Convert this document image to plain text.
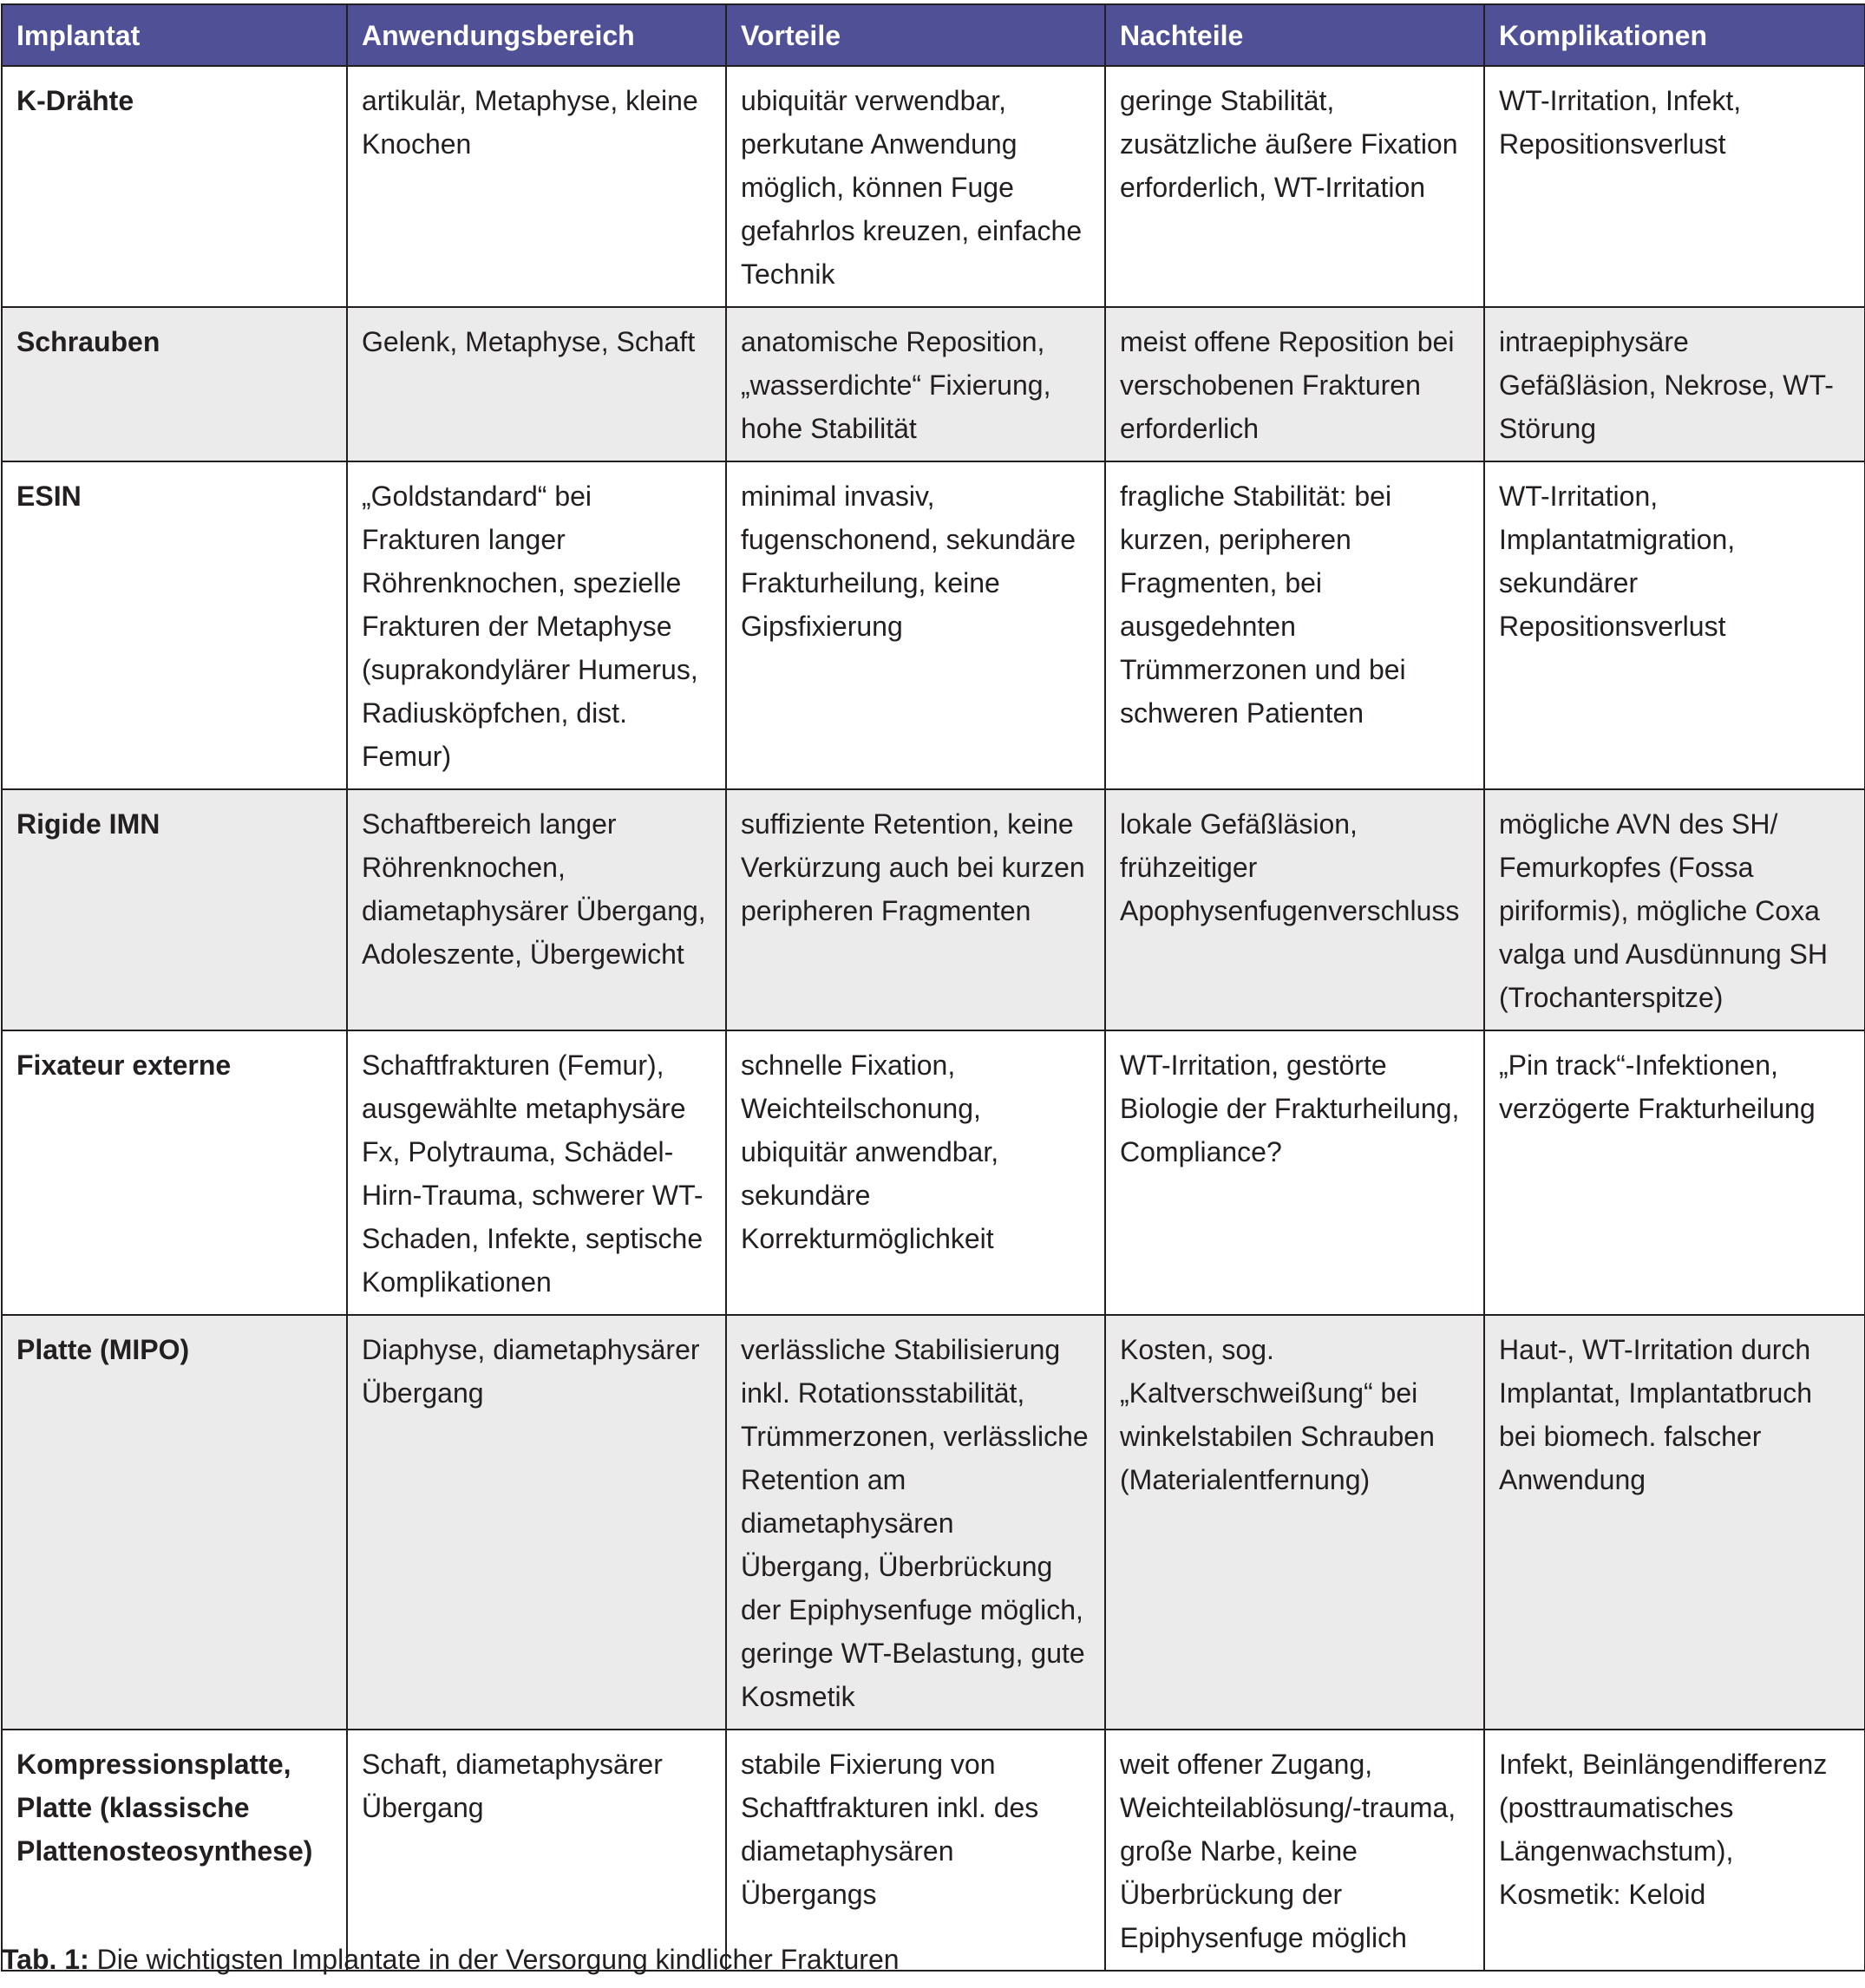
Implantat	Anwendungsbereich	Vorteile	Nachteile	Komplikationen
K-Drähte	artikulär, Metaphyse, kleine Knochen	ubiquitär verwendbar, perkutane Anwendung möglich, können Fuge gefahrlos kreuzen, einfache Technik	geringe Stabilität, zusätzliche äußere Fixation erforderlich, WT-Irritation	WT-Irritation, Infekt, Repositionsverlust
Schrauben	Gelenk, Metaphyse, Schaft	anatomische Reposition, „wasserdichte“ Fixierung, hohe Stabilität	meist offene Reposition bei verschobenen Frakturen erforderlich	intraepiphysäre Gefäßläsion, Nekrose, WT-Störung
ESIN	„Goldstandard“ bei Frakturen langer Röhrenknochen, spezielle Frakturen der Metaphyse (suprakondylärer Humerus, Radiusköpfchen, dist. Femur)	minimal invasiv, fugenschonend, sekundäre Frakturheilung, keine Gipsfixierung	fragliche Stabilität: bei kurzen, peripheren Fragmenten, bei ausgedehnten Trümmerzonen und bei schweren Patienten	WT-Irritation, Implantatmigration, sekundärer Repositionsverlust
Rigide IMN	Schaftbereich langer Röhrenknochen, diametaphysärer Übergang, Adoleszente, Übergewicht	suffiziente Retention, keine Verkürzung auch bei kurzen peripheren Fragmenten	lokale Gefäßläsion, frühzeitiger Apophysenfugenverschluss	mögliche AVN des SH/ Femurkopfes (Fossa piriformis), mögliche Coxa valga und Ausdünnung SH (Trochanterspitze)
Fixateur externe	Schaftfrakturen (Femur), ausgewählte metaphysäre Fx, Polytrauma, Schädel-Hirn-Trauma, schwerer WT-Schaden, Infekte, septische Komplikationen	schnelle Fixation, Weichteilschonung, ubiquitär anwendbar, sekundäre Korrekturmöglichkeit	WT-Irritation, gestörte Biologie der Frakturheilung, Compliance?	„Pin track“-Infektionen, verzögerte Frakturheilung
Platte (MIPO)	Diaphyse, diametaphysärer Übergang	verlässliche Stabilisierung inkl. Rotationsstabilität, Trümmerzonen, verlässliche Retention am diametaphysären Übergang, Überbrückung der Epiphysenfuge möglich, geringe WT-Belastung, gute Kosmetik	Kosten, sog. „Kaltverschweißung“ bei winkelstabilen Schrauben (Materialentfernung)	Haut-, WT-Irritation durch Implantat, Implantatbruch bei biomech. falscher Anwendung
Kompressionsplatte, Platte (klassische Plattenosteosynthese)	Schaft, diametaphysärer Übergang	stabile Fixierung von Schaftfrakturen inkl. des diametaphysären Übergangs	weit offener Zugang, Weichteilablösung/-trauma, große Narbe, keine Überbrückung der Epiphysenfuge möglich	Infekt, Beinlängendifferenz (posttraumatisches Längenwachstum), Kosmetik: Keloid
Tab. 1: Die wichtigsten Implantate in der Versorgung kindlicher Frakturen
